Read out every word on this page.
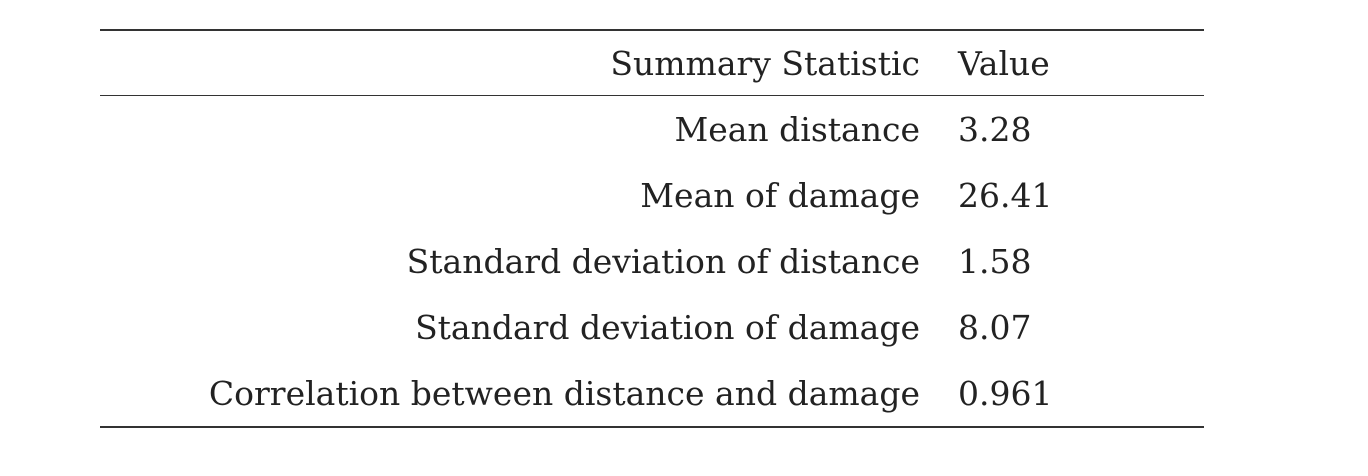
Summary Statistic	Value
Mean distance	3.28
Mean of damage	26.41
Standard deviation of distance	1.58
Standard deviation of damage	8.07
Correlation between distance and damage	0.961
